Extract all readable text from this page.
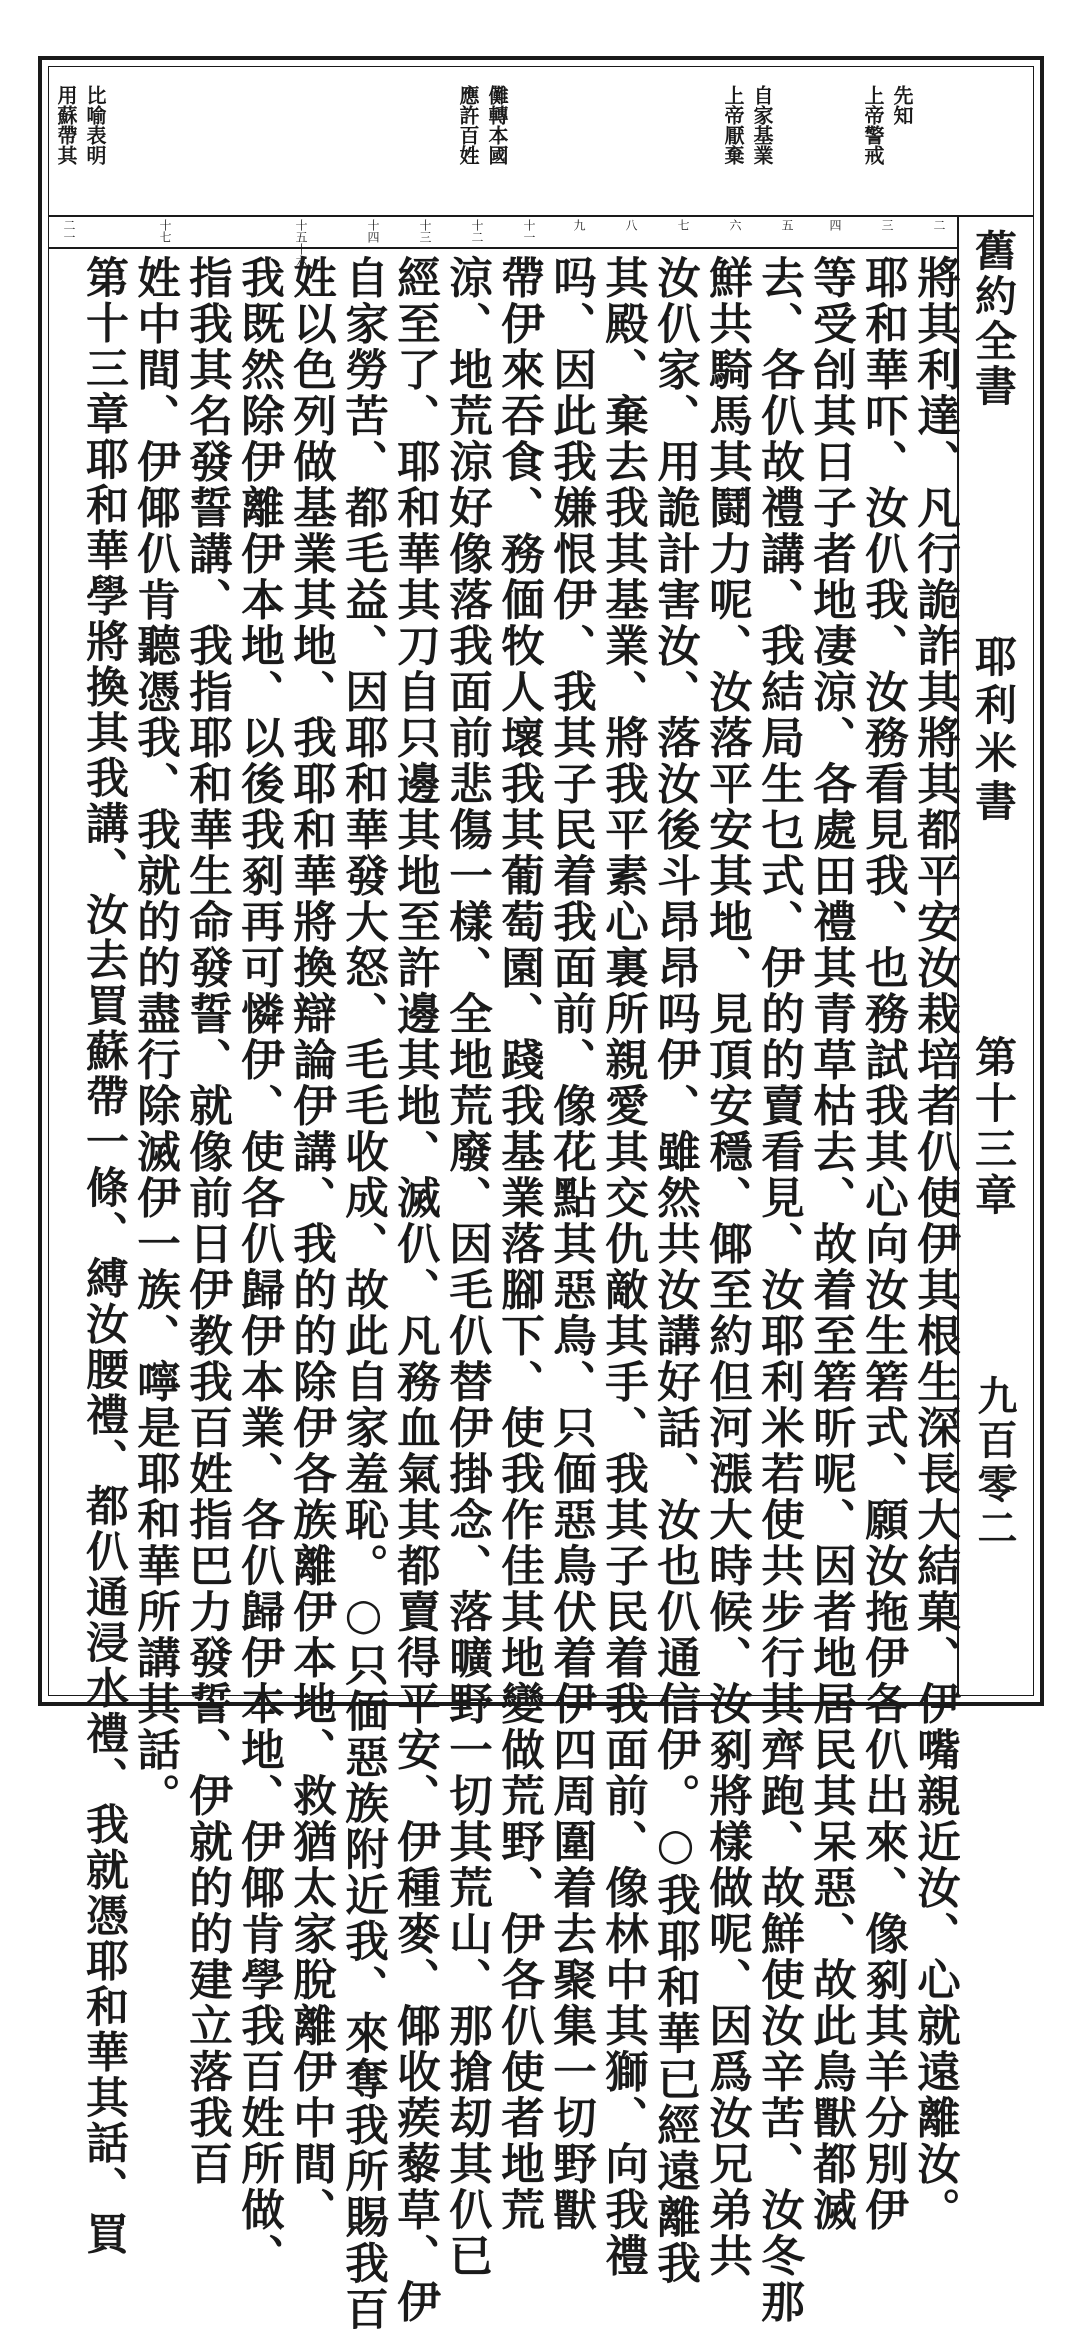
上帝警戒 先知
上帝厭棄 自家基業
應許百姓 儺轉本國
用蘇帶其 比喻表明
舊約全書
耶利米書
第十三章
九百零二
二
三
四
五
六
七
八
九
十一
十二
十三
十四
十五十六
十七
二一
將其利達、凡行詭詐其將其都平安汝栽培者仈使伊其根生深長大結菓、伊嘴親近汝、心就遠離汝。
耶和華吓、汝仈我、汝務看見我、也務試我其心向汝生箬式、願汝拖伊各仈出來、像剢其羊分別伊
等受刣其日子者地凄涼、各處田禮其青草枯去、故着至箬昕呢、因者地居民其呆惡、故此鳥獸都滅
去、各仈故禮講、我結局生乜式、伊的的賣看見、汝耶利米若使共步行其齊跑、故鮮使汝辛苦、汝冬那
鮮共騎馬其鬪力呢、汝落平安其地、見頂安穩、倻至約但河漲大時候、汝剢將樣做呢、因爲汝兄弟共
汝仈家、用詭計害汝、落汝後斗昂昂吗伊、雖然共汝講好話、汝也仈通信伊。○我耶和華已經遠離我
其殿、棄去我其基業、將我平素心裏所親愛其交仇敵其手、我其子民着我面前、像林中其獅、向我禮
吗、因此我嫌恨伊、我其子民着我面前、像花點其惡鳥、只偭惡鳥伏着伊四周圍着去聚集一切野獸
帶伊來吞食、務偭牧人壞我其葡萄園、踐我基業落腳下、使我作佳其地變做荒野、伊各仈使者地荒
涼、地荒涼好像落我面前悲傷一樣、全地荒廢、因毛仈替伊掛念、落曠野一切其荒山、那搶刧其仈已
經至了、耶和華其刀自只邊其地至許邊其地、滅仈、凡務血氣其都賣得平安、伊種麥、倻收蒺藜草、伊
自家勞苦、都毛益、因耶和華發大怒、毛毛收成、故此自家羞恥。○只偭惡族附近我、來奪我所賜我百
姓以色列做基業其地、我耶和華將換辯論伊講、我的的除伊各族離伊本地、救猶太家脫離伊中間、
我既然除伊離伊本地、以後我剢再可憐伊、使各仈歸伊本業、各仈歸伊本地、伊倻肯學我百姓所做、
指我其名發誓講、我指耶和華生命發誓、就像前日伊教我百姓指巴力發誓、伊就的的建立落我百
姓中間、伊倻仈肯聽憑我、我就的的盡行除滅伊一族、嚀是耶和華所講其話。
第十三章耶和華學將換其我講、汝去買蘇帶一條、縛汝腰禮、都仈通浸水禮、我就憑耶和華其話、買
